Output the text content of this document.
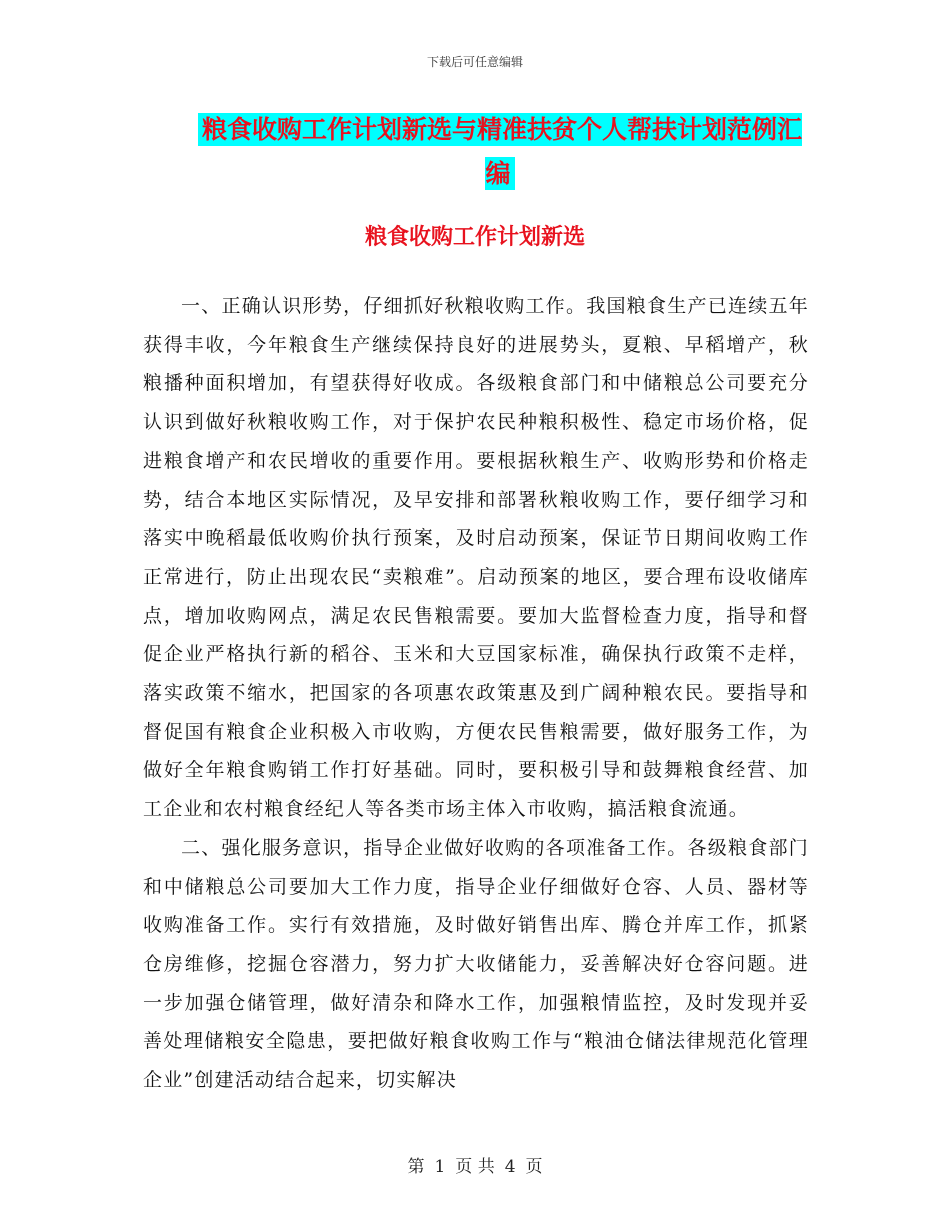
下载后可任意编辑
粮食收购工作计划新选与精准扶贫个人帮扶计划范例汇编
粮食收购工作计划新选

一、正确认识形势，仔细抓好秋粮收购工作。我国粮食生产已连续五年获得丰收，今年粮食生产继续保持良好的进展势头，夏粮、早稻增产，秋粮播种面积增加，有望获得好收成。各级粮食部门和中储粮总公司要充分认识到做好秋粮收购工作，对于保护农民种粮积极性、稳定市场价格，促进粮食增产和农民增收的重要作用。要根据秋粮生产、收购形势和价格走势，结合本地区实际情况，及早安排和部署秋粮收购工作，要仔细学习和落实中晚稻最低收购价执行预案，及时启动预案，保证节日期间收购工作正常进行，防止出现农民“卖粮难”。启动预案的地区，要合理布设收储库点，增加收购网点，满足农民售粮需要。要加大监督检查力度，指导和督促企业严格执行新的稻谷、玉米和大豆国家标准，确保执行政策不走样，落实政策不缩水，把国家的各项惠农政策惠及到广阔种粮农民。要指导和督促国有粮食企业积极入市收购，方便农民售粮需要，做好服务工作，为做好全年粮食购销工作打好基础。同时，要积极引导和鼓舞粮食经营、加工企业和农村粮食经纪人等各类市场主体入市收购，搞活粮食流通。

二、强化服务意识，指导企业做好收购的各项准备工作。各级粮食部门和中储粮总公司要加大工作力度，指导企业仔细做好仓容、人员、器材等收购准备工作。实行有效措施，及时做好销售出库、腾仓并库工作，抓紧仓房维修，挖掘仓容潜力，努力扩大收储能力，妥善解决好仓容问题。进一步加强仓储管理，做好清杂和降水工作，加强粮情监控，及时发现并妥善处理储粮安全隐患，要把做好粮食收购工作与“粮油仓储法律规范化管理企业”创建活动结合起来，切实解决

第 1 页 共 4 页
